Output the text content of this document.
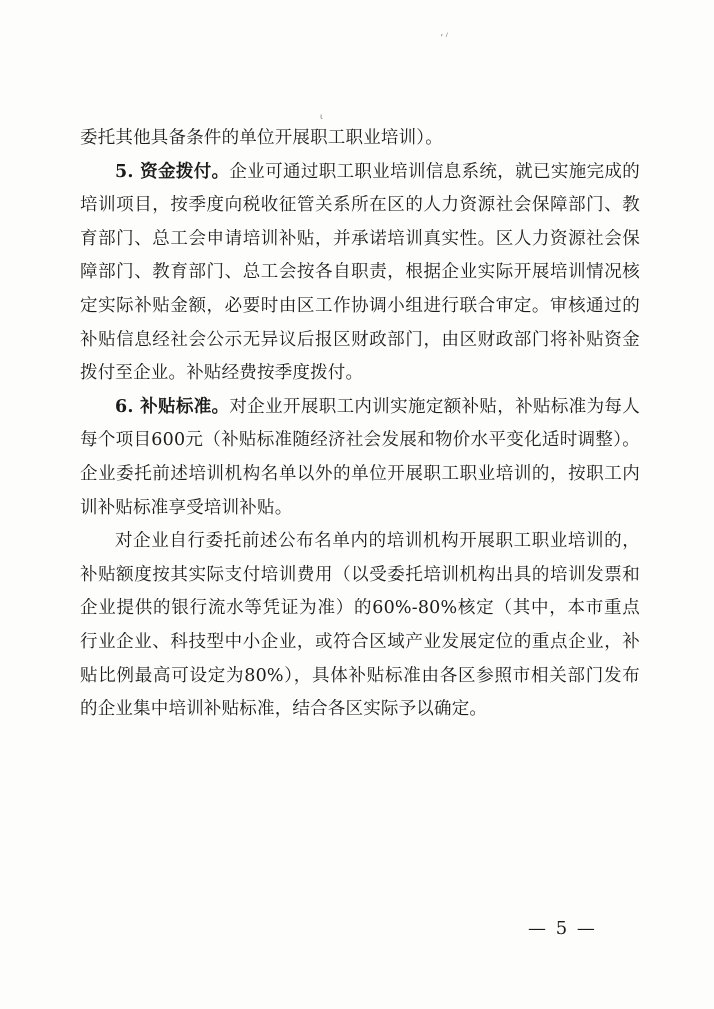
ˊ⸍
ι

委托其他具备条件的单位开展职工职业培训）。

5. 资金拨付。企业可通过职工职业培训信息系统，就已实施完成的培训项目，按季度向税收征管关系所在区的人力资源社会保障部门、教育部门、总工会申请培训补贴，并承诺培训真实性。区人力资源社会保障部门、教育部门、总工会按各自职责，根据企业实际开展培训情况核定实际补贴金额，必要时由区工作协调小组进行联合审定。审核通过的补贴信息经社会公示无异议后报区财政部门，由区财政部门将补贴资金拨付至企业。补贴经费按季度拨付。

6. 补贴标准。对企业开展职工内训实施定额补贴，补贴标准为每人每个项目600元（补贴标准随经济社会发展和物价水平变化适时调整）。企业委托前述培训机构名单以外的单位开展职工职业培训的，按职工内训补贴标准享受培训补贴。

对企业自行委托前述公布名单内的培训机构开展职工职业培训的，补贴额度按其实际支付培训费用（以受委托培训机构出具的培训发票和企业提供的银行流水等凭证为准）的60%-80%核定（其中，本市重点行业企业、科技型中小企业，或符合区域产业发展定位的重点企业，补贴比例最高可设定为80%），具体补贴标准由各区参照市相关部门发布的企业集中培训补贴标准，结合各区实际予以确定。

— 5 —
